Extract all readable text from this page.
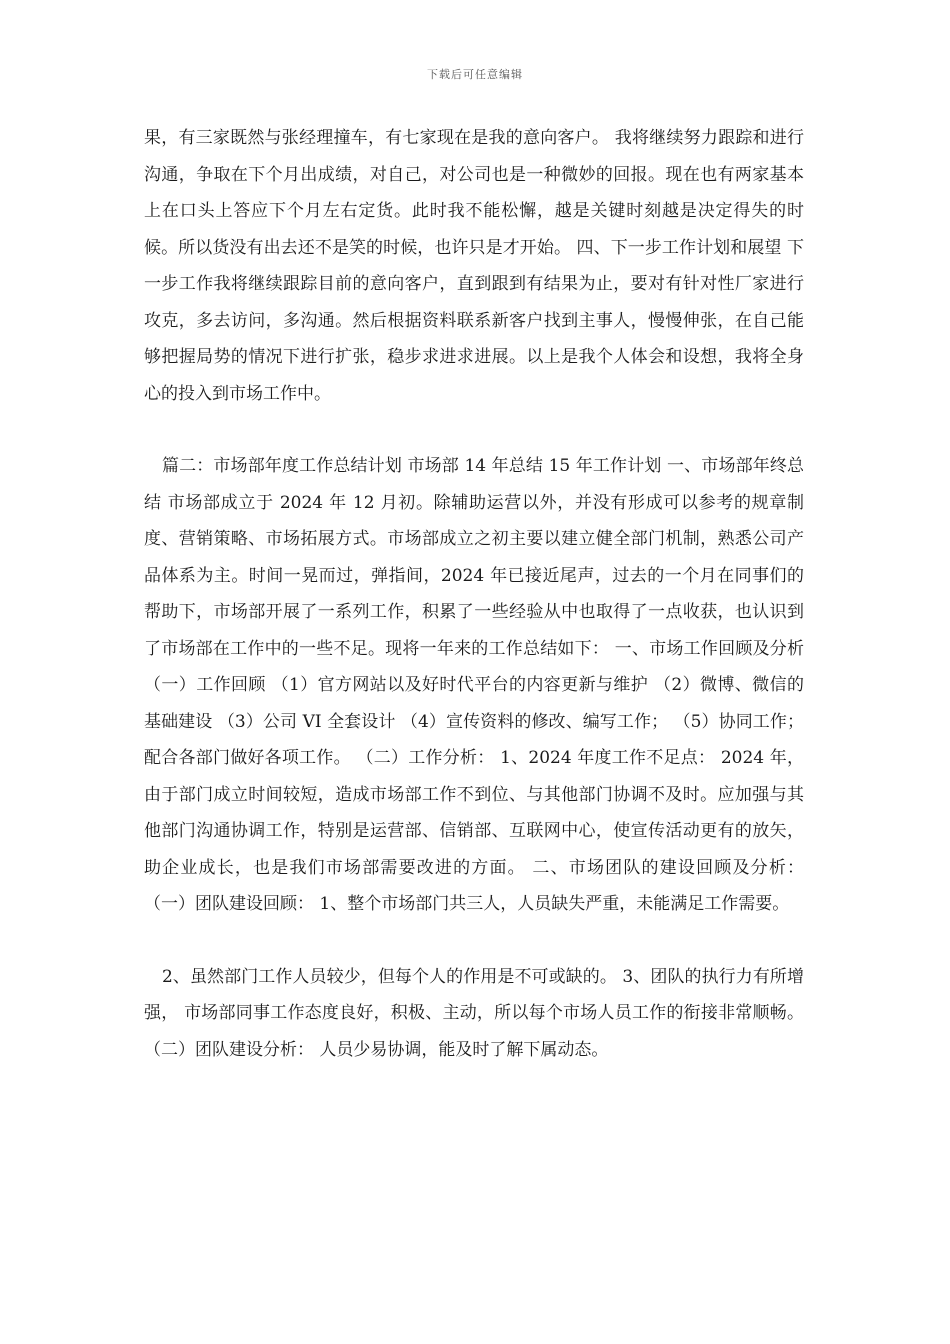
下载后可任意编辑

果，有三家既然与张经理撞车，有七家现在是我的意向客户。 我将继续努力跟踪和进行沟通，争取在下个月出成绩，对自己，对公司也是一种微妙的回报。现在也有两家基本上在口头上答应下个月左右定货。此时我不能松懈，越是关键时刻越是决定得失的时候。所以货没有出去还不是笑的时候，也许只是才开始。 四、下一步工作计划和展望 下一步工作我将继续跟踪目前的意向客户，直到跟到有结果为止，要对有针对性厂家进行攻克，多去访问，多沟通。然后根据资料联系新客户找到主事人，慢慢伸张，在自己能够把握局势的情况下进行扩张，稳步求进求进展。以上是我个人体会和设想，我将全身心的投入到市场工作中。

篇二：市场部年度工作总结计划 市场部 14 年总结 15 年工作计划 一、市场部年终总结 市场部成立于 2024 年 12 月初。除辅助运营以外，并没有形成可以参考的规章制度、营销策略、市场拓展方式。市场部成立之初主要以建立健全部门机制，熟悉公司产品体系为主。时间一晃而过，弹指间，2024 年已接近尾声，过去的一个月在同事们的帮助下，市场部开展了一系列工作，积累了一些经验从中也取得了一点收获，也认识到了市场部在工作中的一些不足。现将一年来的工作总结如下： 一、市场工作回顾及分析 （一）工作回顾 （1）官方网站以及好时代平台的内容更新与维护 （2）微博、微信的基础建设 （3）公司 VI 全套设计 （4）宣传资料的修改、编写工作； （5）协同工作；配合各部门做好各项工作。 （二）工作分析： 1、2024 年度工作不足点： 2024 年，由于部门成立时间较短，造成市场部工作不到位、与其他部门协调不及时。应加强与其他部门沟通协调工作，特别是运营部、信销部、互联网中心，使宣传活动更有的放矢，助企业成长，也是我们市场部需要改进的方面。 二、市场团队的建设回顾及分析： （一）团队建设回顾： 1、整个市场部门共三人，人员缺失严重，未能满足工作需要。

2、虽然部门工作人员较少，但每个人的作用是不可或缺的。 3、团队的执行力有所增强， 市场部同事工作态度良好，积极、主动，所以每个市场人员工作的衔接非常顺畅。 （二）团队建设分析： 人员少易协调，能及时了解下属动态。
